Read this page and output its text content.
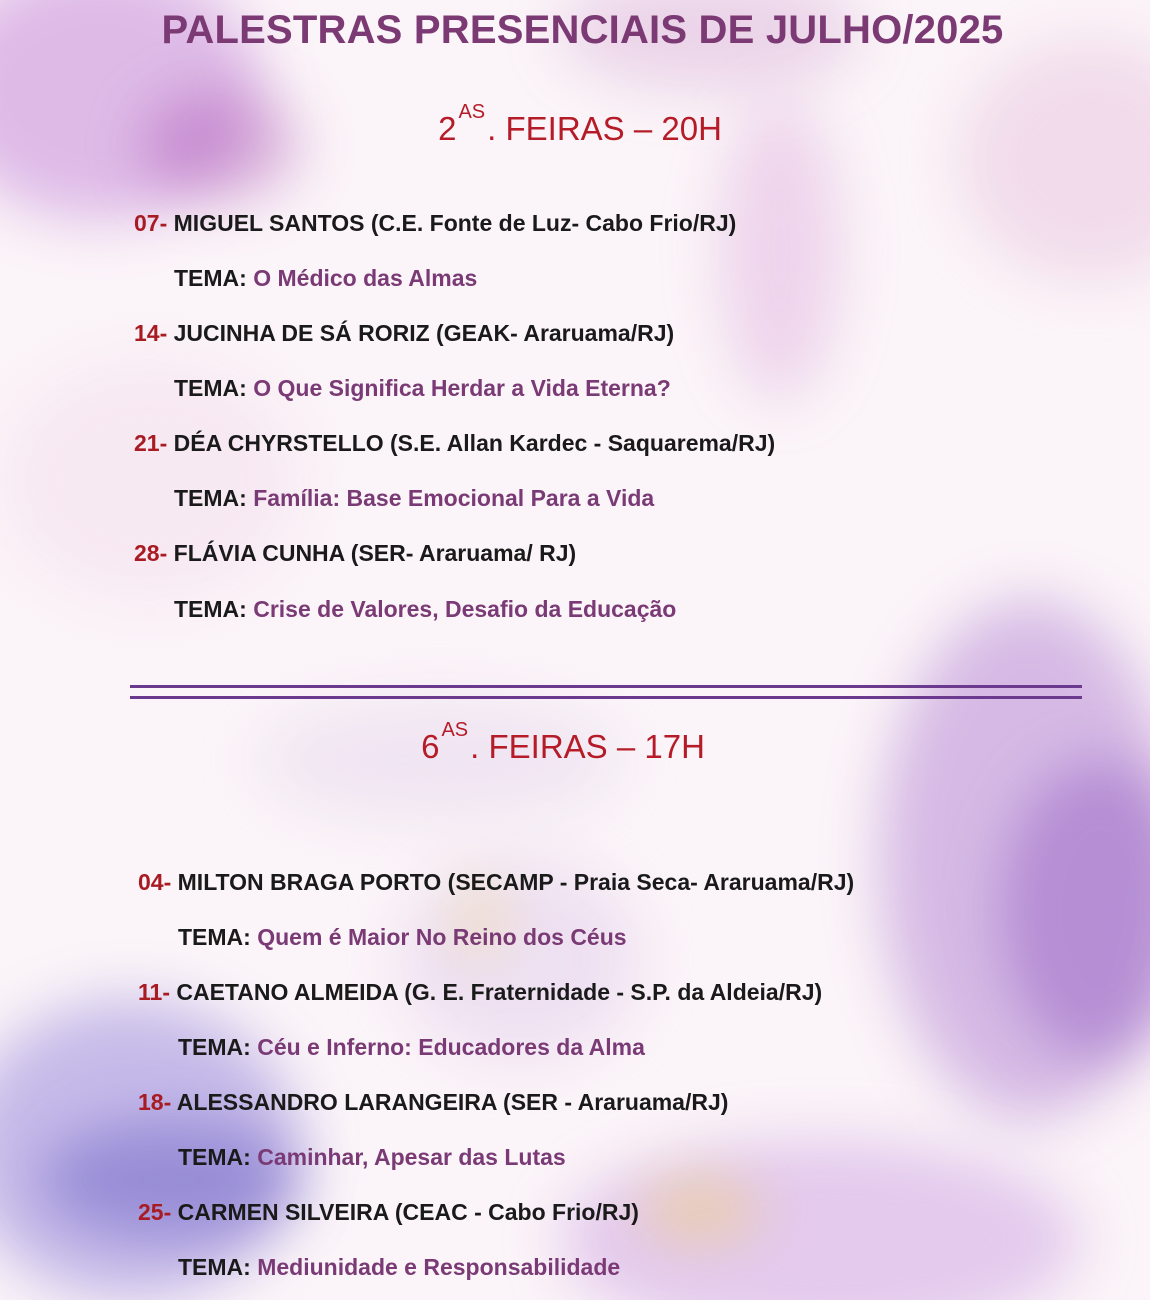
PALESTRAS PRESENCIAIS DE JULHO/2025
2 $^{AS}$. FEIRAS – 20H
07- MIGUEL SANTOS (C.E. Fonte de Luz- Cabo Frio/RJ)
TEMA: O Médico das Almas
14- JUCINHA DE SÁ RORIZ (GEAK- Araruama/RJ)
TEMA: O Que Significa Herdar a Vida Eterna?
21- DÉA CHYRSTELLO (S.E. Allan Kardec - Saquarema/RJ)
TEMA: Família: Base Emocional Para a Vida
28- FLÁVIA CUNHA (SER- Araruama/ RJ)
TEMA: Crise de Valores, Desafio da Educação
6 $^{AS}$. FEIRAS – 17H
04- MILTON BRAGA PORTO (SECAMP - Praia Seca- Araruama/RJ)
TEMA: Quem é Maior No Reino dos Céus
11- CAETANO ALMEIDA (G. E. Fraternidade - S.P. da Aldeia/RJ)
TEMA: Céu e Inferno: Educadores da Alma
18- ALESSANDRO LARANGEIRA (SER - Araruama/RJ)
TEMA: Caminhar, Apesar das Lutas
25- CARMEN SILVEIRA (CEAC - Cabo Frio/RJ)
TEMA: Mediunidade e Responsabilidade
